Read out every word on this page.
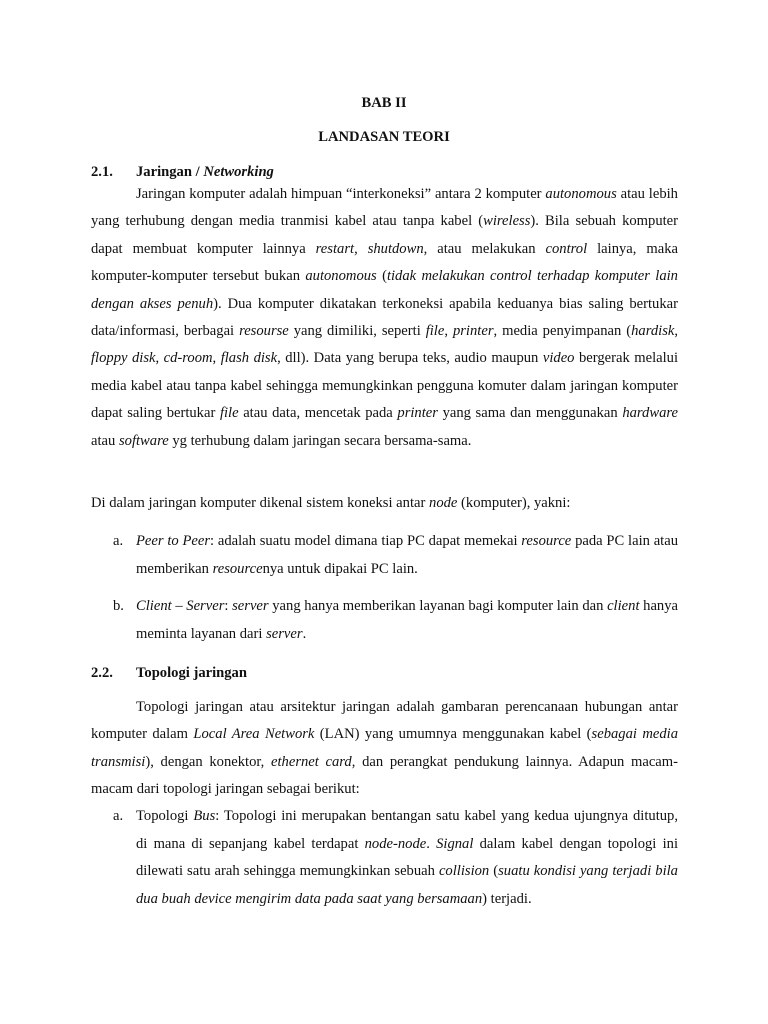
BAB II
LANDASAN TEORI
2.1. Jaringan / Networking
Jaringan komputer adalah himpuan “interkoneksi” antara 2 komputer autonomous atau lebih yang terhubung dengan media tranmisi kabel atau tanpa kabel (wireless). Bila sebuah komputer dapat membuat komputer lainnya restart, shutdown, atau melakukan control lainya, maka komputer-komputer tersebut bukan autonomous (tidak melakukan control terhadap komputer lain dengan akses penuh). Dua komputer dikatakan terkoneksi apabila keduanya bias saling bertukar data/informasi, berbagai resourse yang dimiliki, seperti file, printer, media penyimpanan (hardisk, floppy disk, cd-room, flash disk, dll). Data yang berupa teks, audio maupun video bergerak melalui media kabel atau tanpa kabel sehingga memungkinkan pengguna komuter dalam jaringan komputer dapat saling bertukar file atau data, mencetak pada printer yang sama dan menggunakan hardware atau software yg terhubung dalam jaringan secara bersama-sama.
Di dalam jaringan komputer dikenal sistem koneksi antar node (komputer), yakni:
a. Peer to Peer: adalah suatu model dimana tiap PC dapat memekai resource pada PC lain atau memberikan resourcenya untuk dipakai PC lain.
b. Client – Server: server yang hanya memberikan layanan bagi komputer lain dan client hanya meminta layanan dari server.
2.2. Topologi jaringan
Topologi jaringan atau arsitektur jaringan adalah gambaran perencanaan hubungan antar komputer dalam Local Area Network (LAN) yang umumnya menggunakan kabel (sebagai media transmisi), dengan konektor, ethernet card, dan perangkat pendukung lainnya. Adapun macam-macam dari topologi jaringan sebagai berikut:
a. Topologi Bus: Topologi ini merupakan bentangan satu kabel yang kedua ujungnya ditutup, di mana di sepanjang kabel terdapat node-node. Signal dalam kabel dengan topologi ini dilewati satu arah sehingga memungkinkan sebuah collision (suatu kondisi yang terjadi bila dua buah device mengirim data pada saat yang bersamaan) terjadi.
